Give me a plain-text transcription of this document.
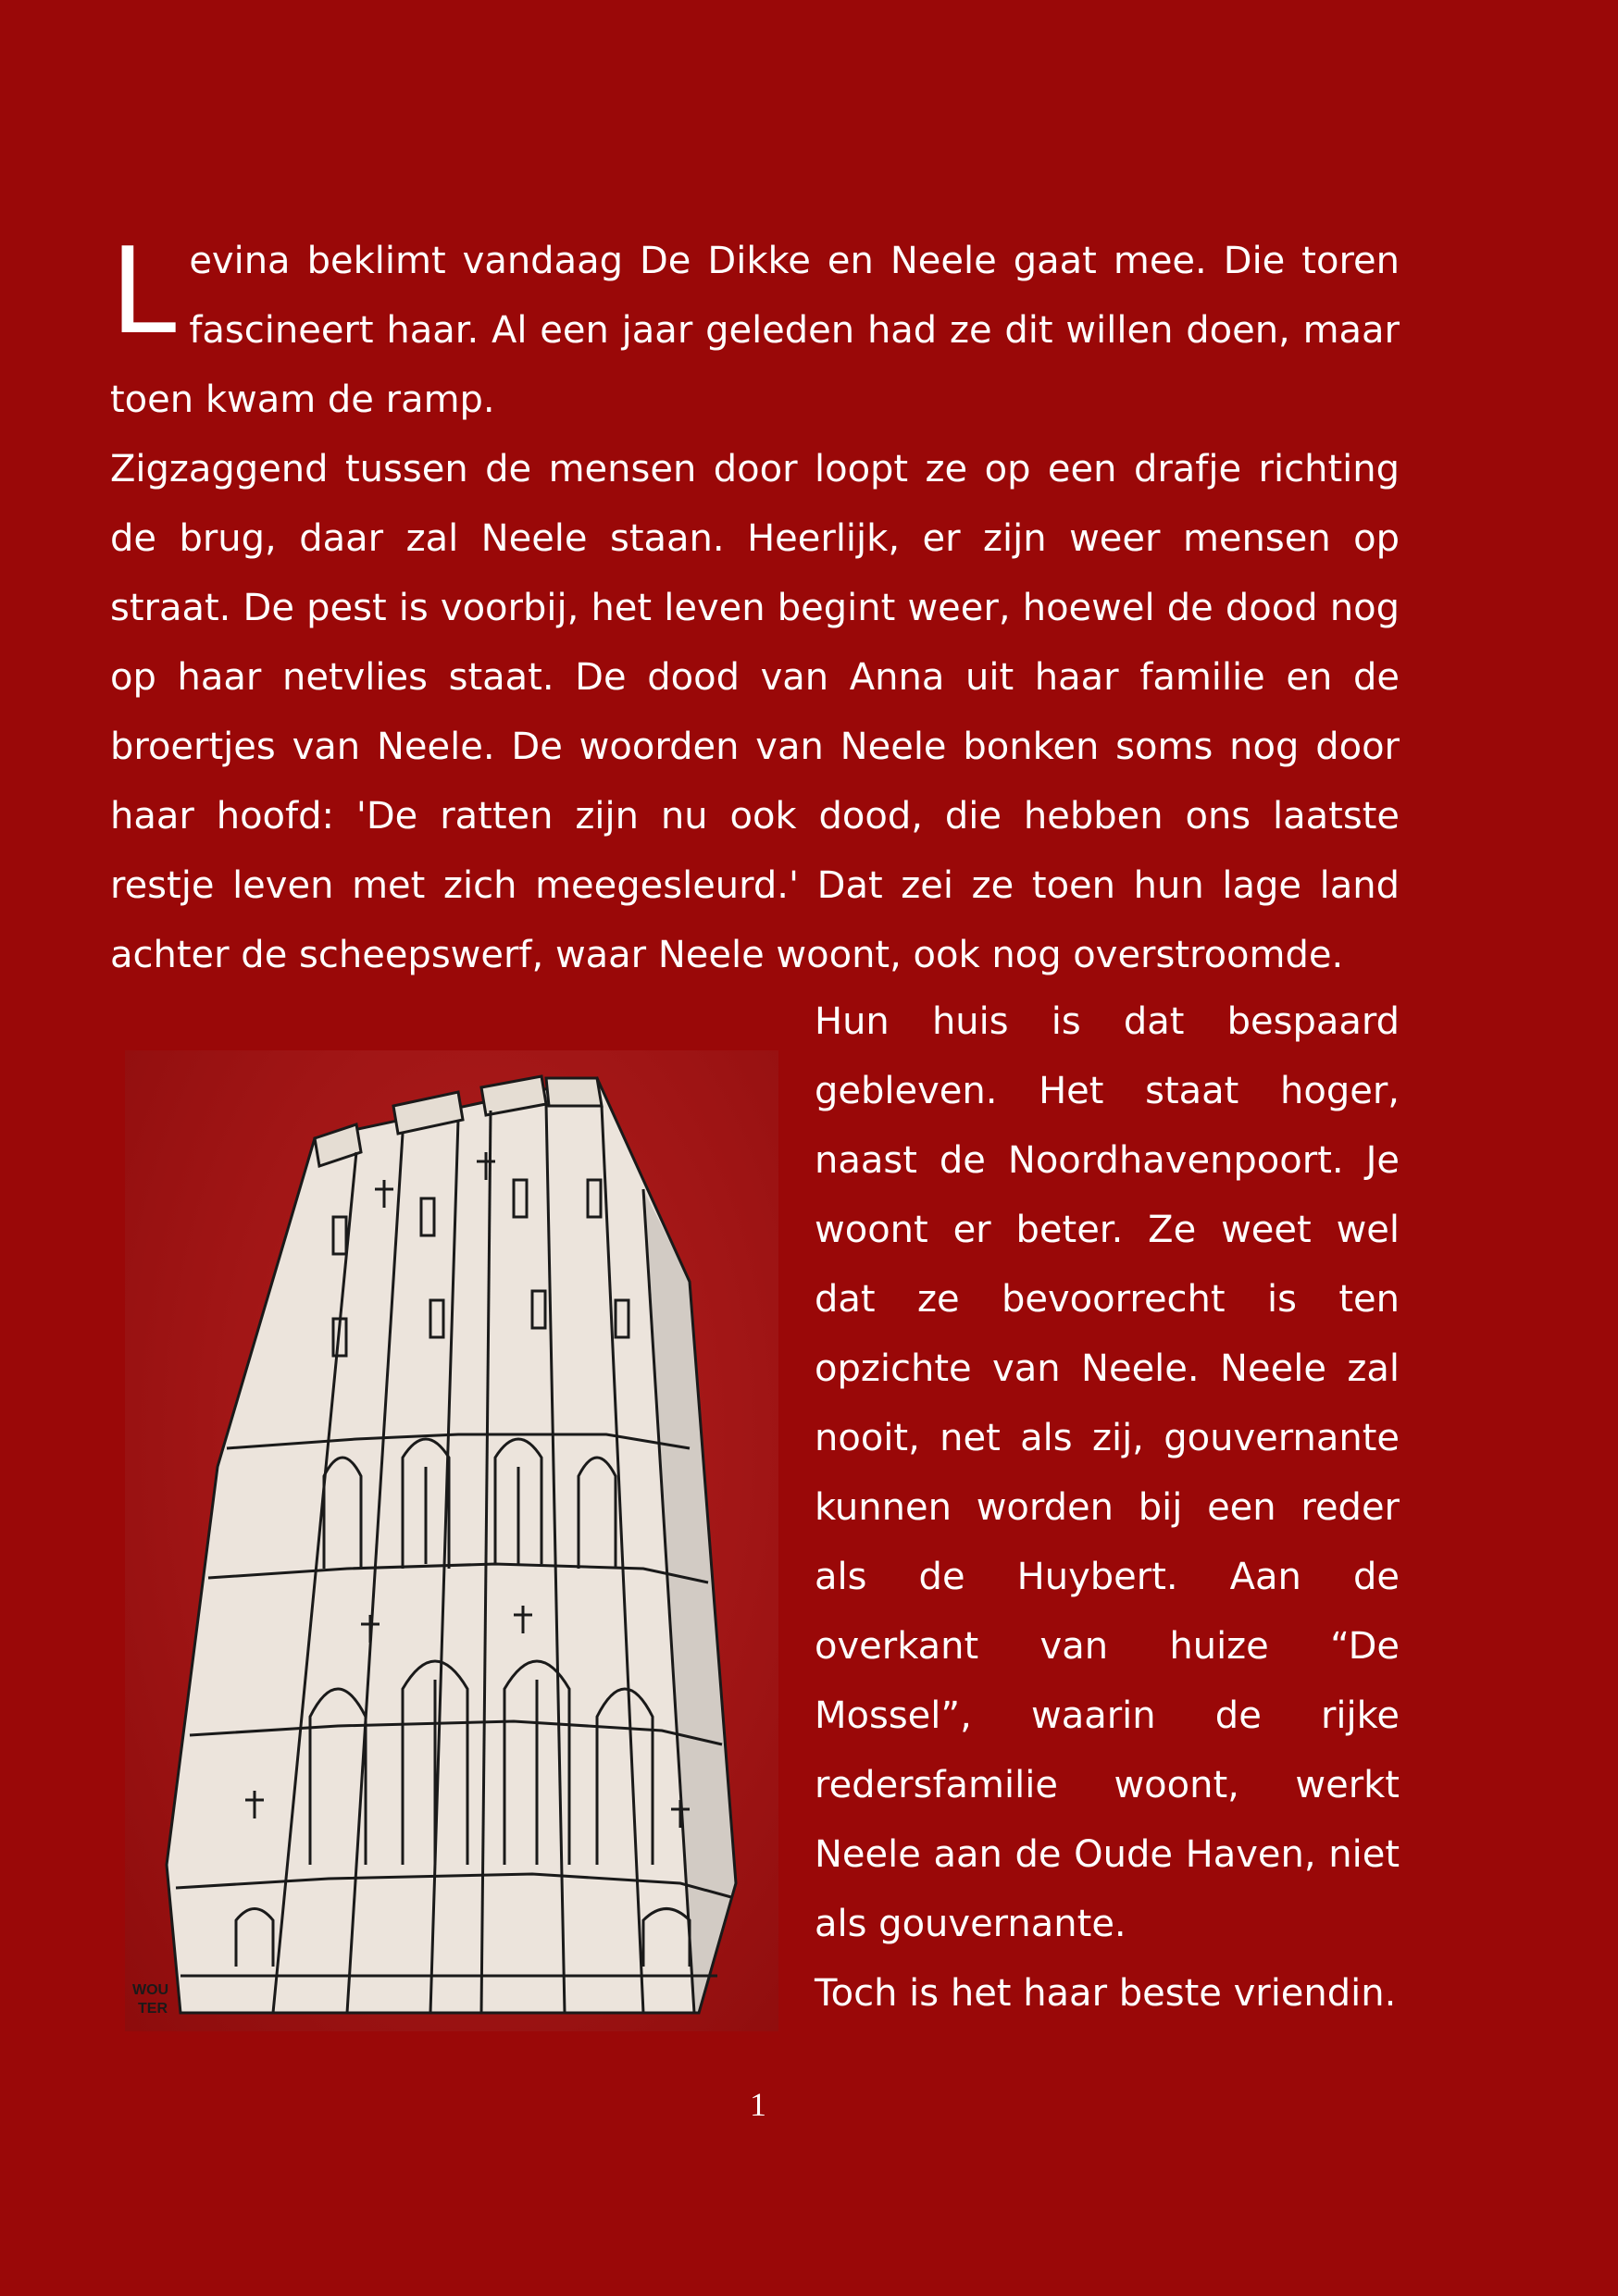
Levina beklimt vandaag De Dikke en Neele gaat mee. Die toren fascineert haar. Al een jaar geleden had ze dit willen doen, maar toen kwam de ramp.

Zigzaggend tussen de mensen door loopt ze op een drafje richting de brug, daar zal Neele staan. Heerlijk, er zijn weer mensen op straat. De pest is voorbij, het leven begint weer, hoewel de dood nog op haar netvlies staat. De dood van Anna uit haar familie en de broertjes van Neele. De woorden van Neele bonken soms nog door haar hoofd: 'De ratten zijn nu ook dood, die hebben ons laatste restje leven met zich meegesleurd.' Dat zei ze toen hun lage land achter de scheepswerf, waar Neele woont, ook nog overstroomde.

WOU
TER

Hun huis is dat bespaard gebleven. Het staat hoger, naast de Noordhavenpoort. Je woont er beter. Ze weet wel dat ze bevoorrecht is ten opzichte van Neele. Neele zal nooit, net als zij, gouvernante kunnen worden bij een reder als de Huybert. Aan de overkant van huize “De Mossel”, waarin de rijke redersfamilie woont, werkt Neele aan de Oude Haven, niet als gouvernante.

Toch is het haar beste vriendin.

1
